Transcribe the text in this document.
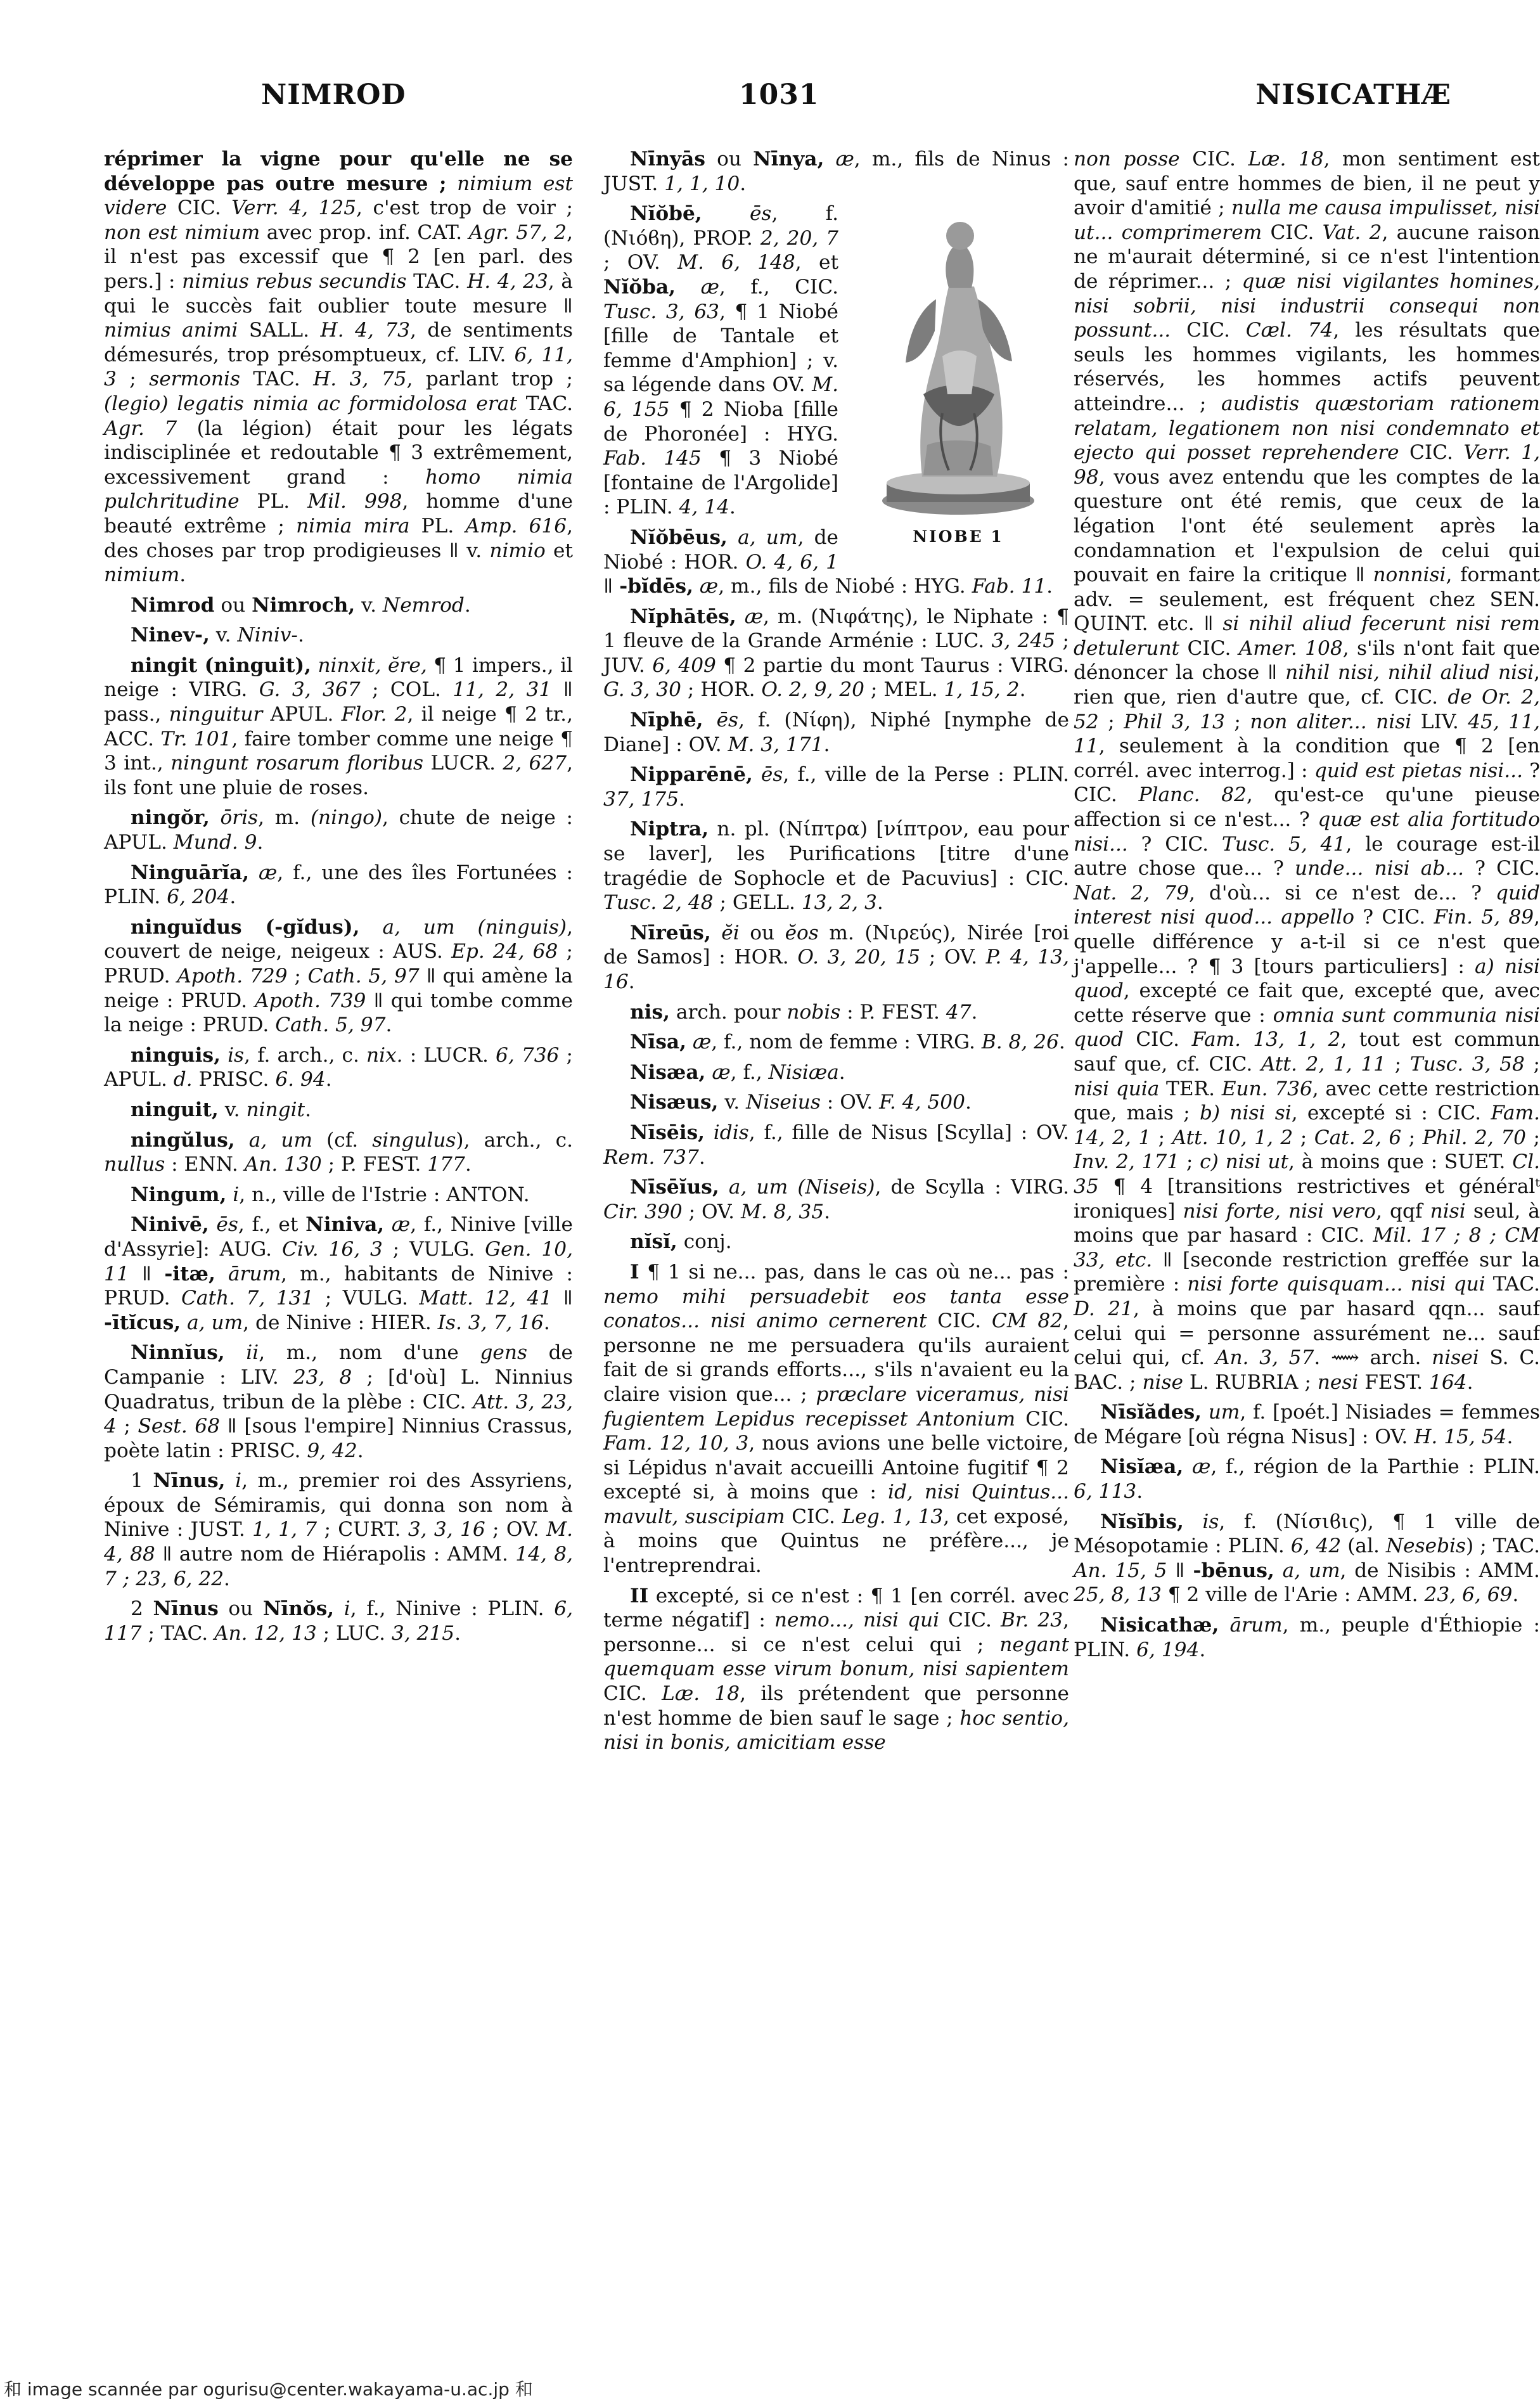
NIMROD	1031	NISICATHÆ

réprimer la vigne pour qu'elle ne se développe pas outre mesure ; nimium est videre CIC. Verr. 4, 125, c'est trop de voir ; non est nimium avec prop. inf. CAT. Agr. 57, 2, il n'est pas excessif que ¶ 2 [en parl. des pers.] : nimius rebus secundis TAC. H. 4, 23, à qui le succès fait oublier toute mesure ǁ nimius animi SALL. H. 4, 73, de sentiments démesurés, trop présomptueux, cf. LIV. 6, 11, 3 ; sermonis TAC. H. 3, 75, parlant trop ; (legio) legatis nimia ac formidolosa erat TAC. Agr. 7 (la légion) était pour les légats indisciplinée et redoutable ¶ 3 extrêmement, excessivement grand : homo nimia pulchritudine PL. Mil. 998, homme d'une beauté extrême ; nimia mira PL. Amp. 616, des choses par trop prodigieuses ǁ v. nimio et nimium.

Nimrod ou Nimroch, v. Nemrod.

Ninev-, v. Niniv-.

ningit (ninguit), ninxit, ĕre, ¶ 1 impers., il neige : VIRG. G. 3, 367 ; COL. 11, 2, 31 ǁ pass., ninguitur APUL. Flor. 2, il neige ¶ 2 tr., ACC. Tr. 101, faire tomber comme une neige ¶ 3 int., ningunt rosarum floribus LUCR. 2, 627, ils font une pluie de roses.

ningŏr, ōris, m. (ningo), chute de neige : APUL. Mund. 9.

Ninguārĭa, æ, f., une des îles Fortunées : PLIN. 6, 204.

ninguĭdus (-gĭdus), a, um (ninguis), couvert de neige, neigeux : AUS. Ep. 24, 68 ; PRUD. Apoth. 729 ; Cath. 5, 97 ǁ qui amène la neige : PRUD. Apoth. 739 ǁ qui tombe comme la neige : PRUD. Cath. 5, 97.

ninguis, is, f. arch., c. nix. : LUCR. 6, 736 ; APUL. d. PRISC. 6. 94.

ninguit, v. ningit.

ningŭlus, a, um (cf. singulus), arch., c. nullus : ENN. An. 130 ; P. FEST. 177.

Ningum, i, n., ville de l'Istrie : ANTON.

Ninivē, ēs, f., et Niniva, æ, f., Ninive [ville d'Assyrie]: AUG. Civ. 16, 3 ; VULG. Gen. 10, 11 ǁ -itæ, ārum, m., habitants de Ninive : PRUD. Cath. 7, 131 ; VULG. Matt. 12, 41 ǁ -ītĭcus, a, um, de Ninive : HIER. Is. 3, 7, 16.

Ninnĭus, ii, m., nom d'une gens de Campanie : LIV. 23, 8 ; [d'où] L. Ninnius Quadratus, tribun de la plèbe : CIC. Att. 3, 23, 4 ; Sest. 68 ǁ [sous l'empire] Ninnius Crassus, poète latin : PRISC. 9, 42.

1 Nīnus, i, m., premier roi des Assyriens, époux de Sémiramis, qui donna son nom à Ninive : JUST. 1, 1, 7 ; CURT. 3, 3, 16 ; OV. M. 4, 88 ǁ autre nom de Hiérapolis : AMM. 14, 8, 7 ; 23, 6, 22.

2 Nīnus ou Nīnŏs, i, f., Ninive : PLIN. 6, 117 ; TAC. An. 12, 13 ; LUC. 3, 215.

Nīnyās ou Nīnya, æ, m., fils de Ninus : JUST. 1, 1, 10.

NIOBE 1

Nĭŏbē, ēs, f. (Νιόϐη), PROP. 2, 20, 7 ; OV. M. 6, 148, et Nĭŏba, æ, f., CIC. Tusc. 3, 63, ¶ 1 Niobé [fille de Tantale et femme d'Amphion] ; v. sa légende dans OV. M. 6, 155 ¶ 2 Nioba [fille de Phoronée] : HYG. Fab. 145 ¶ 3 Niobé [fontaine de l'Argolide] : PLIN. 4, 14.

Nĭŏbēus, a, um, de Niobé : HOR. O. 4, 6, 1 ǁ -bĭdēs, æ, m., fils de Niobé : HYG. Fab. 11.

Nĭphātēs, æ, m. (Νιφάτης), le Niphate : ¶ 1 fleuve de la Grande Arménie : LUC. 3, 245 ; JUV. 6, 409 ¶ 2 partie du mont Taurus : VIRG. G. 3, 30 ; HOR. O. 2, 9, 20 ; MEL. 1, 15, 2.

Nīphē, ēs, f. (Νίφη), Niphé [nymphe de Diane] : OV. M. 3, 171.

Nipparēnē, ēs, f., ville de la Perse : PLIN. 37, 175.

Niptra, n. pl. (Νίπτρα) [νίπτρον, eau pour se laver], les Purifications [titre d'une tragédie de Sophocle et de Pacuvius] : CIC. Tusc. 2, 48 ; GELL. 13, 2, 3.

Nīreūs, ĕi ou ĕos m. (Νιρεύς), Nirée [roi de Samos] : HOR. O. 3, 20, 15 ; OV. P. 4, 13, 16.

nis, arch. pour nobis : P. FEST. 47.

Nīsa, æ, f., nom de femme : VIRG. B. 8, 26.

Nisæa, æ, f., Nisiæa.

Nisæus, v. Niseius : OV. F. 4, 500.

Nīsēis, idis, f., fille de Nisus [Scylla] : OV. Rem. 737.

Nīsēĭus, a, um (Niseis), de Scylla : VIRG. Cir. 390 ; OV. M. 8, 35.

nĭsĭ, conj.

I ¶ 1 si ne... pas, dans le cas où ne... pas : nemo mihi persuadebit eos tanta esse conatos... nisi animo cernerent CIC. CM 82, personne ne me persuadera qu'ils auraient fait de si grands efforts..., s'ils n'avaient eu la claire vision que... ; præclare viceramus, nisi fugientem Lepidus recepisset Antonium CIC. Fam. 12, 10, 3, nous avions une belle victoire, si Lépidus n'avait accueilli Antoine fugitif ¶ 2 excepté si, à moins que : id, nisi Quintus... mavult, suscipiam CIC. Leg. 1, 13, cet exposé, à moins que Quintus ne préfère..., je l'entreprendrai.

II excepté, si ce n'est : ¶ 1 [en corrél. avec terme négatif] : nemo..., nisi qui CIC. Br. 23, personne... si ce n'est celui qui ; negant quemquam esse virum bonum, nisi sapientem CIC. Læ. 18, ils prétendent que personne n'est homme de bien sauf le sage ; hoc sentio, nisi in bonis, amicitiam esse

non posse CIC. Læ. 18, mon sentiment est que, sauf entre hommes de bien, il ne peut y avoir d'amitié ; nulla me causa impulisset, nisi ut... comprimerem CIC. Vat. 2, aucune raison ne m'aurait déterminé, si ce n'est l'intention de réprimer... ; quæ nisi vigilantes homines, nisi sobrii, nisi industrii consequi non possunt... CIC. Cæl. 74, les résultats que seuls les hommes vigilants, les hommes réservés, les hommes actifs peuvent atteindre... ; audistis quæstoriam rationem relatam, legationem non nisi condemnato et ejecto qui posset reprehendere CIC. Verr. 1, 98, vous avez entendu que les comptes de la questure ont été remis, que ceux de la légation l'ont été seulement après la condamnation et l'expulsion de celui qui pouvait en faire la critique ǁ nonnisi, formant adv. = seulement, est fréquent chez SEN. QUINT. etc. ǁ si nihil aliud fecerunt nisi rem detulerunt CIC. Amer. 108, s'ils n'ont fait que dénoncer la chose ǁ nihil nisi, nihil aliud nisi, rien que, rien d'autre que, cf. CIC. de Or. 2, 52 ; Phil 3, 13 ; non aliter... nisi LIV. 45, 11, 11, seulement à la condition que ¶ 2 [en corrél. avec interrog.] : quid est pietas nisi... ? CIC. Planc. 82, qu'est-ce qu'une pieuse affection si ce n'est... ? quæ est alia fortitudo nisi... ? CIC. Tusc. 5, 41, le courage est-il autre chose que... ? unde... nisi ab... ? CIC. Nat. 2, 79, d'où... si ce n'est de... ? quid interest nisi quod... appello ? CIC. Fin. 5, 89, quelle différence y a-t-il si ce n'est que j'appelle... ? ¶ 3 [tours particuliers] : a) nisi quod, excepté ce fait que, excepté que, avec cette réserve que : omnia sunt communia nisi quod CIC. Fam. 13, 1, 2, tout est commun sauf que, cf. CIC. Att. 2, 1, 11 ; Tusc. 3, 58 ; nisi quia TER. Eun. 736, avec cette restriction que, mais ; b) nisi si, excepté si : CIC. Fam. 14, 2, 1 ; Att. 10, 1, 2 ; Cat. 2, 6 ; Phil. 2, 70 ; Inv. 2, 171 ; c) nisi ut, à moins que : SUET. Cl. 35 ¶ 4 [transitions restrictives et généralᵗ ironiques] nisi forte, nisi vero, qqf nisi seul, à moins que par hasard : CIC. Mil. 17 ; 8 ; CM 33, etc. ǁ [seconde restriction greffée sur la première : nisi forte quisquam... nisi qui TAC. D. 21, à moins que par hasard qqn... sauf celui qui = personne assurément ne... sauf celui qui, cf. An. 3, 57. ⟿ arch. nisei S. C. BAC. ; nise L. RUBRIA ; nesi FEST. 164.

Nīsĭădes, um, f. [poét.] Nisiades = femmes de Mégare [où régna Nisus] : OV. H. 15, 54.

Nisĭæa, æ, f., région de la Parthie : PLIN. 6, 113.

Nĭsĭbis, is, f. (Νίσιϐις), ¶ 1 ville de Mésopotamie : PLIN. 6, 42 (al. Nesebis) ; TAC. An. 15, 5 ǁ -bēnus, a, um, de Nisibis : AMM. 25, 8, 13 ¶ 2 ville de l'Arie : AMM. 23, 6, 69.

Nisicathæ, ārum, m., peuple d'Éthiopie : PLIN. 6, 194.

和 image scannée par ogurisu@center.wakayama-u.ac.jp 和
